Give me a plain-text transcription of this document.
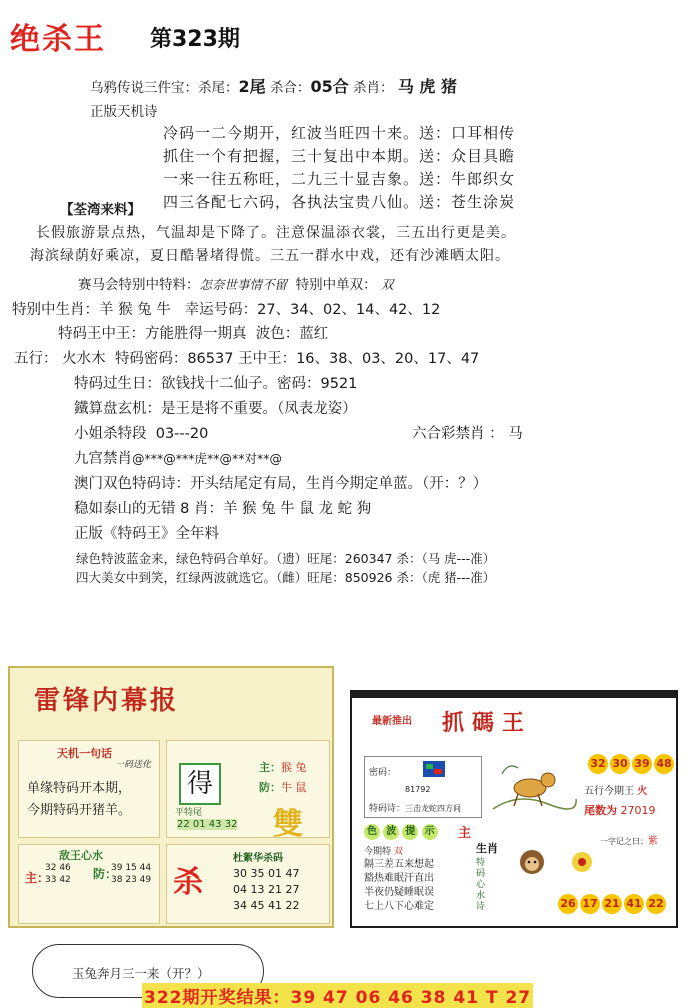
绝杀王 第323期
乌鸦传说三件宝：杀尾：2尾 杀合：05合 杀肖： 马 虎 猪
正版天机诗
冷码一二今期开，红波当旺四十来。送：口耳相传
抓住一个有把握，三十复出中本期。送：众目具瞻
一来一往五称旺，二九三十显吉象。送：牛郎织女
四三各配七六码，各执法宝贵八仙。送：苍生涂炭
【荃湾来料】
长假旅游景点热，气温却是下降了。注意保温添衣裳，三五出行更是美。
海滨绿荫好乘凉，夏日酷暑堵得慌。三五一群水中戏，还有沙滩晒太阳。
赛马会特别中特料：怎奈世事情不留 特别中单双： 双
特别中生肖：羊 猴 兔 牛 幸运号码：27、34、02、14、42、12
特码王中王：方能胜得一期真 波色：蓝红
五行： 火水木 特码密码：86537 王中王：16、38、03、20、17、47
特码过生日：欲钱找十二仙子。密码：9521
鐵算盘玄机：是王是将不重要。（凤表龙姿）
小姐杀特段 03---20	六合彩禁肖 ： 马
九宫禁肖@***@***虎**@**对**@
澳门双色特码诗：开头结尾定有局，生肖今期定单蓝。（开：？）
稳如泰山的无错 8 肖：羊 猴 兔 牛 鼠 龙 蛇 狗
正版《特码王》全年料
绿色特波蓝金来，绿色特码合单好。（遗）旺尾：260347 杀：（马 虎---准）
四大美女中到笑，红绿两波就选它。（雌）旺尾：850926 杀：（虎 猪---准）
雷锋内幕报
天机一句话
一码送化
单缘特码开本期，
今期特码开猪羊。
得
主：猴 兔
防：牛 鼠
平特尾
22 01 43 32 雙
敌王心水
主：
32 46
33 42 防：
39 15 44
38 23 49 杀
杜絮华杀码
30 35 01 47
04 13 21 27
34 45 41 22
最新推出 抓碼王
32 30 39 48
密码：
81792
特码诗：三击龙蛇四方间
五行今期王 火
尾数为 27019
色 波 提 示 主
生肖
一字记之曰：紫
今期特 双
隔三差五来想起
豁热难眠汗直出
半夜仍疑睡眠误
七上八下心难定
特码心水诗	26 17 21 41 22
玉兔奔月三一来（开？）
322期开奖结果：39 47 06 46 38 41 T 27
